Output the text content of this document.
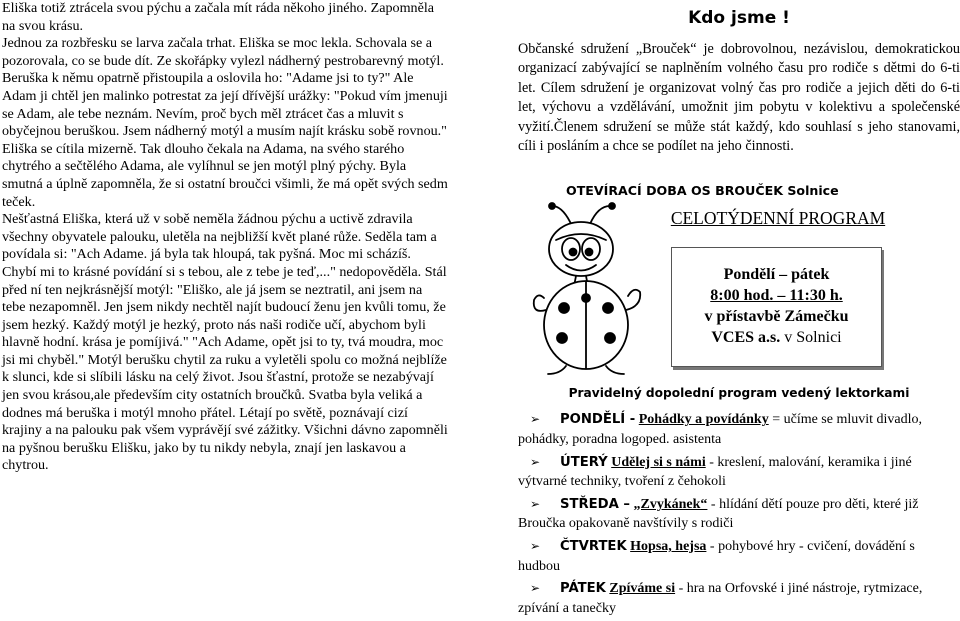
Eliška totiž ztrácela svou pýchu a začala mít ráda někoho jiného. Zapomněla na svou krásu.

Jednou za rozbřesku se larva začala trhat. Eliška se moc lekla. Schovala se a pozorovala, co se bude dít. Ze skořápky vylezl nádherný pestrobarevný motýl. Beruška k němu opatrně přistoupila a oslovila ho: "Adame jsi to ty?" Ale Adam ji chtěl jen malinko potrestat za její dřívější urážky: "Pokud vím jmenuji se Adam, ale tebe neznám. Nevím, proč bych měl ztrácet čas a mluvit s obyčejnou beruškou. Jsem nádherný motýl a musím najít krásku sobě rovnou."

Eliška se cítila mizerně. Tak dlouho čekala na Adama, na svého starého chytrého a sečtělého Adama, ale vylíhnul se jen motýl plný pýchy. Byla smutná a úplně zapomněla, že si ostatní broučci všimli, že má opět svých sedm teček.

Nešťastná Eliška, která už v sobě neměla žádnou pýchu a uctivě zdravila všechny obyvatele palouku, uletěla na nejbližší květ plané růže. Seděla tam a povídala si: "Ach Adame. já byla tak hloupá, tak pyšná. Moc mi scházíš. Chybí mi to krásné povídání si s tebou, ale z tebe je teď,..." nedopověděla. Stál před ní ten nejkrásnější motýl: "Eliško, ale já jsem se neztratil, ani jsem na tebe nezapomněl. Jen jsem nikdy nechtěl najít budoucí ženu jen kvůli tomu, že jsem hezký. Každý motýl je hezký, proto nás naši rodiče učí, abychom byli hlavně hodní. krása je pomíjivá." "Ach Adame, opět jsi to ty, tvá moudra, moc jsi mi chyběl." Motýl berušku chytil za ruku a vyletěli spolu co možná nejblíže k slunci, kde si slíbili lásku na celý život. Jsou šťastní, protože se nezabývají jen svou krásou,ale především city ostatních broučků. Svatba byla veliká a dodnes má beruška i motýl mnoho přátel. Létají po světě, poznávají cizí krajiny a na palouku pak všem vyprávějí své zážitky. Všichni dávno zapomněli na pyšnou berušku Elišku, jako by tu nikdy nebyla, znají jen laskavou a chytrou.

Kdo jsme !

Občanské sdružení „Brouček“ je dobrovolnou, nezávislou, demokratickou organizací zabývající se naplněním volného času pro rodiče s dětmi do 6-ti let. Cílem sdružení je organizovat volný čas pro rodiče a jejich děti do 6-ti let, výchovu a vzdělávání, umožnit jim pobytu v kolektivu a společenské vyžití.Členem sdružení se může stát každý, kdo souhlasí s jeho stanovami, cíli i posláním a chce se podílet na jeho činnosti.

OTEVÍRACÍ DOBA OS BROUČEK Solnice
CELOTÝDENNÍ PROGRAM
Pondělí – pátek
8:00 hod. – 11:30 h.
v přístavbě Zámečku
VCES a.s. v Solnici
Pravidelný dopolední program vedený lektorkami
➢ PONDĚLÍ - Pohádky a povídánky = učíme se mluvit divadlo, pohádky, poradna logoped. asistenta
➢ ÚTERÝ Udělej si s námi - kreslení, malování, keramika i jiné výtvarné techniky, tvoření z čehokoli
➢ STŘEDA – „Zvykánek“ - hlídání dětí pouze pro děti, které již Broučka opakovaně navštívily s rodiči
➢ ČTVRTEK Hopsa, hejsa - pohybové hry - cvičení, dovádění s hudbou
➢ PÁTEK Zpíváme si - hra na Orfovské i jiné nástroje, rytmizace, zpívání a tanečky
